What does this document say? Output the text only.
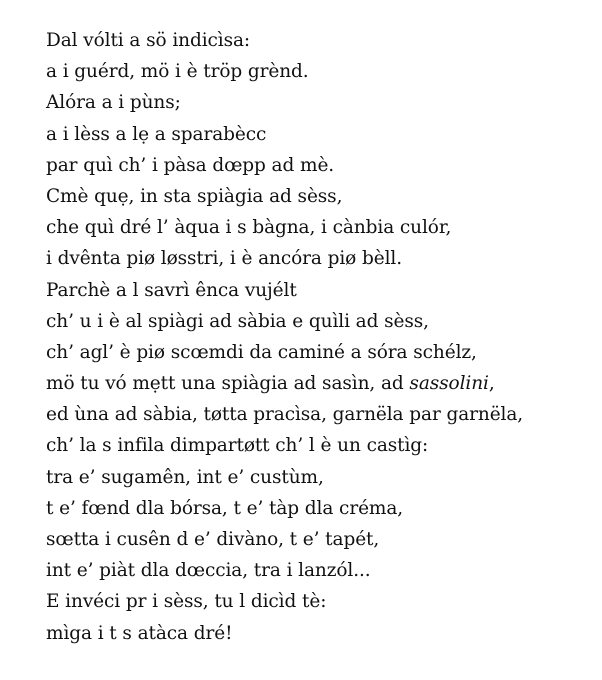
Dal vólti a sö indicìsa:
a i guérd, mö i è tröp grènd.
Alóra a i pùns;
a i lèss a lẹ a sparabècc
par quì ch’ i pàsa dœpp ad mè.
Cmè quẹ, in sta spiàgia ad sèss,
che quì dré l’ àqua i s bàgna, i cànbia culór,
i dvênta piø løsstri, i è ancóra piø bèll.
Parchè a l savrì ênca vujélt
ch’ u i è al spiàgi ad sàbia e quìli ad sèss,
ch’ agl’ è piø scœmdi da caminé a sóra schélz,
mö tu vó mẹtt una spiàgia ad sasìn, ad sassolini,
ed ùna ad sàbia, tøtta pracìsa, garnëla par garnëla,
ch’ la s infila dimpartøtt ch’ l è un castìg:
tra e’ sugamên, int e’ custùm,
t e’ fœnd dla bórsa, t e’ tàp dla créma,
sœtta i cusên d e’ divàno, t e’ tapét,
int e’ piàt dla dœccia, tra i lanzól...
E invéci pr i sèss, tu l dicìd tè:
mìga i t s atàca dré!
